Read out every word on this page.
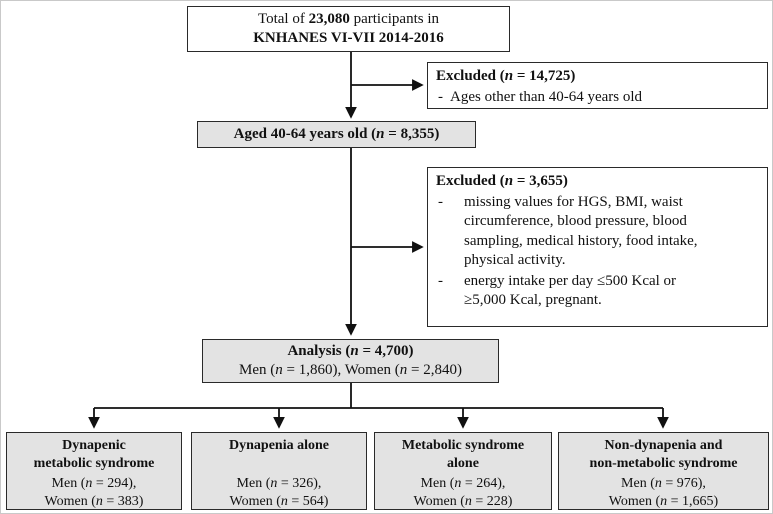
Total of 23,080 participants in
KNHANES VI-VII 2014-2016
Excluded (n = 14,725)
- Ages other than 40-64 years old
Aged 40-64 years old (n = 8,355)
Excluded (n = 3,655)
-	missing values for HGS, BMI, waist circumference, blood pressure, blood sampling, medical history, food intake, physical activity.
-	energy intake per day ≤500 Kcal or ≥5,000 Kcal, pregnant.
Analysis (n = 4,700)
Men (n = 1,860), Women (n = 2,840)
Dynapenic
metabolic syndrome
Men (n = 294),
Women (n = 383)
Dynapenia alone
Men (n = 326),
Women (n = 564)
Metabolic syndrome
alone
Men (n = 264),
Women (n = 228)
Non-dynapenia and
non-metabolic syndrome
Men (n = 976),
Women (n = 1,665)
